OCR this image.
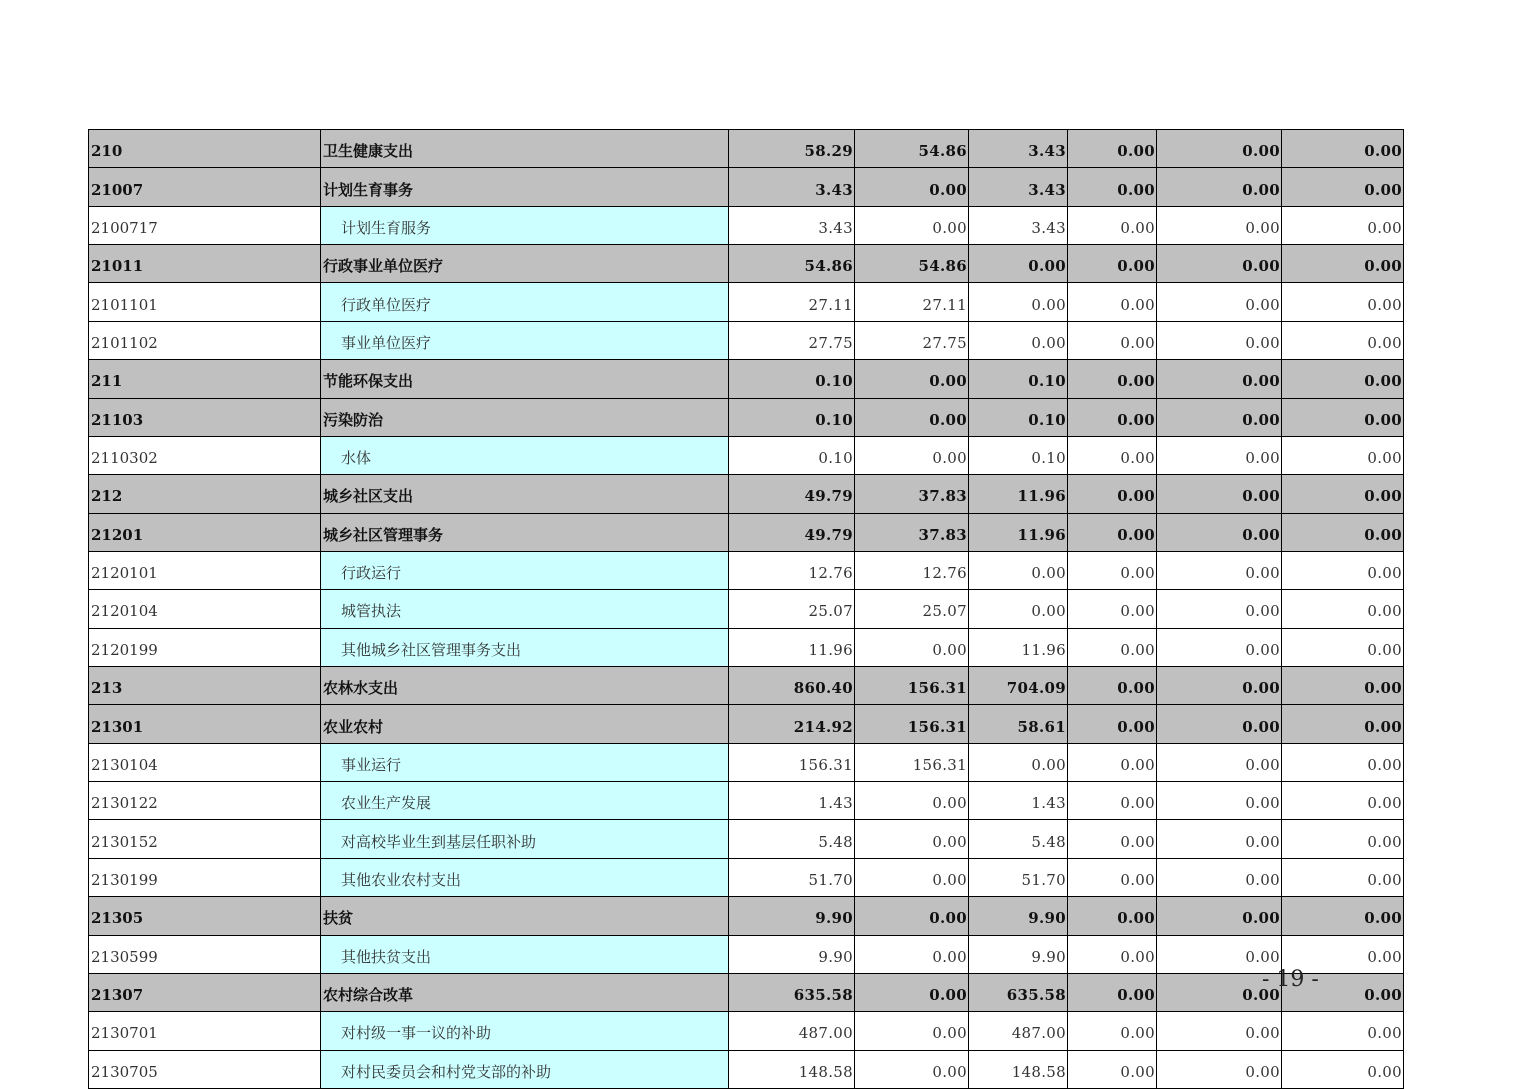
210	卫生健康支出	58.29	54.86	3.43	0.00	0.00	0.00
21007	计划生育事务	3.43	0.00	3.43	0.00	0.00	0.00
2100717	计划生育服务	3.43	0.00	3.43	0.00	0.00	0.00
21011	行政事业单位医疗	54.86	54.86	0.00	0.00	0.00	0.00
2101101	行政单位医疗	27.11	27.11	0.00	0.00	0.00	0.00
2101102	事业单位医疗	27.75	27.75	0.00	0.00	0.00	0.00
211	节能环保支出	0.10	0.00	0.10	0.00	0.00	0.00
21103	污染防治	0.10	0.00	0.10	0.00	0.00	0.00
2110302	水体	0.10	0.00	0.10	0.00	0.00	0.00
212	城乡社区支出	49.79	37.83	11.96	0.00	0.00	0.00
21201	城乡社区管理事务	49.79	37.83	11.96	0.00	0.00	0.00
2120101	行政运行	12.76	12.76	0.00	0.00	0.00	0.00
2120104	城管执法	25.07	25.07	0.00	0.00	0.00	0.00
2120199	其他城乡社区管理事务支出	11.96	0.00	11.96	0.00	0.00	0.00
213	农林水支出	860.40	156.31	704.09	0.00	0.00	0.00
21301	农业农村	214.92	156.31	58.61	0.00	0.00	0.00
2130104	事业运行	156.31	156.31	0.00	0.00	0.00	0.00
2130122	农业生产发展	1.43	0.00	1.43	0.00	0.00	0.00
2130152	对高校毕业生到基层任职补助	5.48	0.00	5.48	0.00	0.00	0.00
2130199	其他农业农村支出	51.70	0.00	51.70	0.00	0.00	0.00
21305	扶贫	9.90	0.00	9.90	0.00	0.00	0.00
2130599	其他扶贫支出	9.90	0.00	9.90	0.00	0.00	0.00
21307	农村综合改革	635.58	0.00	635.58	0.00	0.00	0.00
2130701	对村级一事一议的补助	487.00	0.00	487.00	0.00	0.00	0.00
2130705	对村民委员会和村党支部的补助	148.58	0.00	148.58	0.00	0.00	0.00
- 19 -
